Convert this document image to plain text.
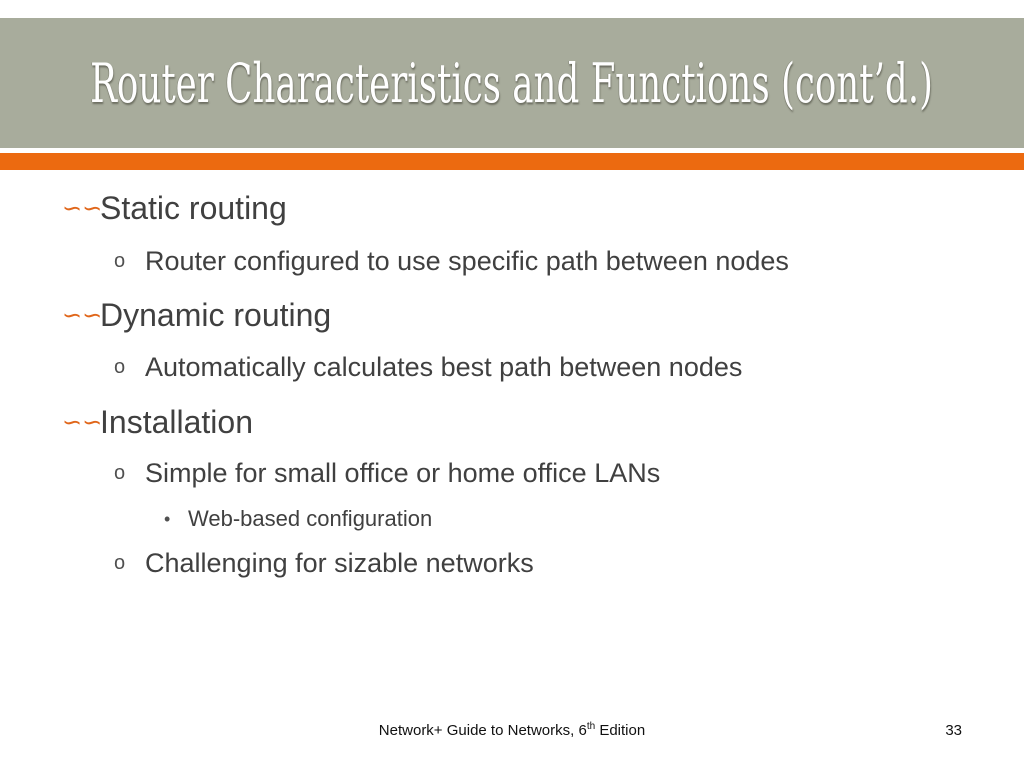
Router Characteristics and Functions (cont’d.)
∽∽
Static routing
o Router configured to use specific path between nodes
∽∽
Dynamic routing
o Automatically calculates best path between nodes
∽∽
Installation
o Simple for small office or home office LANs
• Web-based configuration
o Challenging for sizable networks
Network+ Guide to Networks, 6th Edition	33
